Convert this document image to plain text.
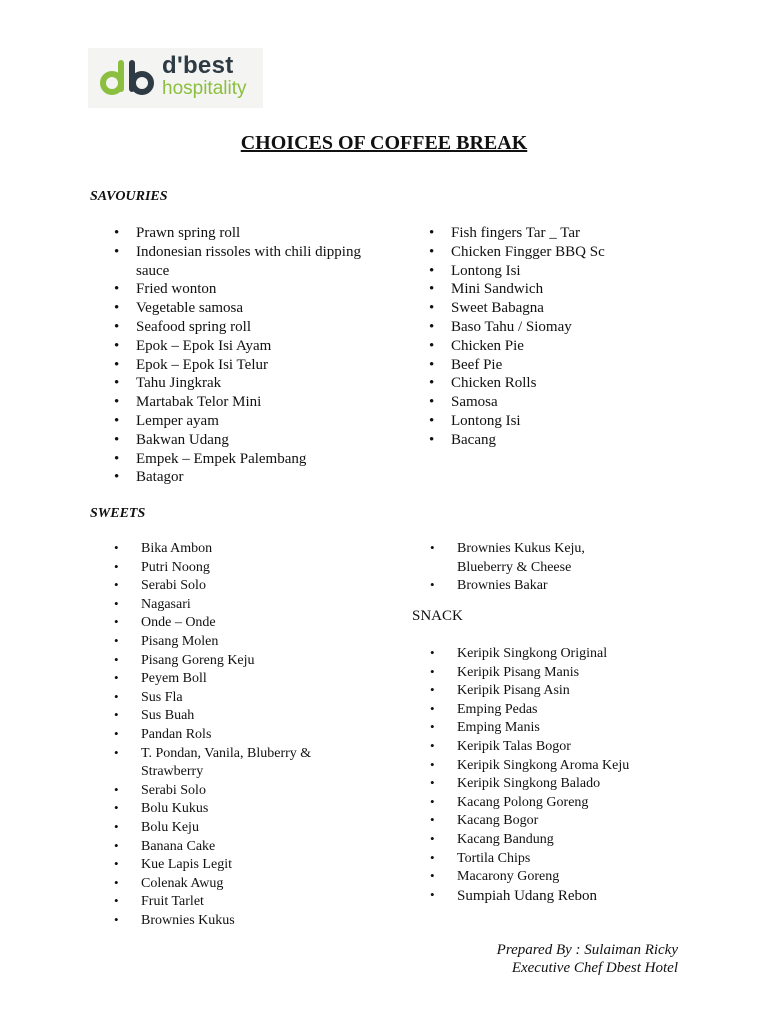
d'best
hospitality
CHOICES OF COFFEE BREAK
SAVOURIES
• Prawn spring roll
• Indonesian rissoles with chili dipping sauce
• Fried wonton
• Vegetable samosa
• Seafood spring roll
• Epok – Epok Isi Ayam
• Epok – Epok Isi Telur
• Tahu Jingkrak
• Martabak Telor Mini
• Lemper ayam
• Bakwan Udang
• Empek – Empek Palembang
• Batagor
• Fish fingers Tar _ Tar
• Chicken Fingger BBQ Sc
• Lontong Isi
• Mini Sandwich
• Sweet Babagna
• Baso Tahu / Siomay
• Chicken Pie
• Beef Pie
• Chicken Rolls
• Samosa
• Lontong Isi
• Bacang
SWEETS
• Bika Ambon
• Putri Noong
• Serabi Solo
• Nagasari
• Onde – Onde
• Pisang Molen
• Pisang Goreng Keju
• Peyem Boll
• Sus Fla
• Sus Buah
• Pandan Rols
• T. Pondan, Vanila, Bluberry & Strawberry
• Serabi Solo
• Bolu Kukus
• Bolu Keju
• Banana Cake
• Kue Lapis Legit
• Colenak Awug
• Fruit Tarlet
• Brownies Kukus
• Brownies Kukus Keju, Blueberry & Cheese
• Brownies Bakar
SNACK
• Keripik Singkong Original
• Keripik Pisang Manis
• Keripik Pisang Asin
• Emping Pedas
• Emping Manis
• Keripik Talas Bogor
• Keripik Singkong Aroma Keju
• Keripik Singkong Balado
• Kacang Polong Goreng
• Kacang Bogor
• Kacang Bandung
• Tortila Chips
• Macarony Goreng
• Sumpiah Udang Rebon
Prepared By : Sulaiman Ricky
Executive Chef Dbest Hotel
